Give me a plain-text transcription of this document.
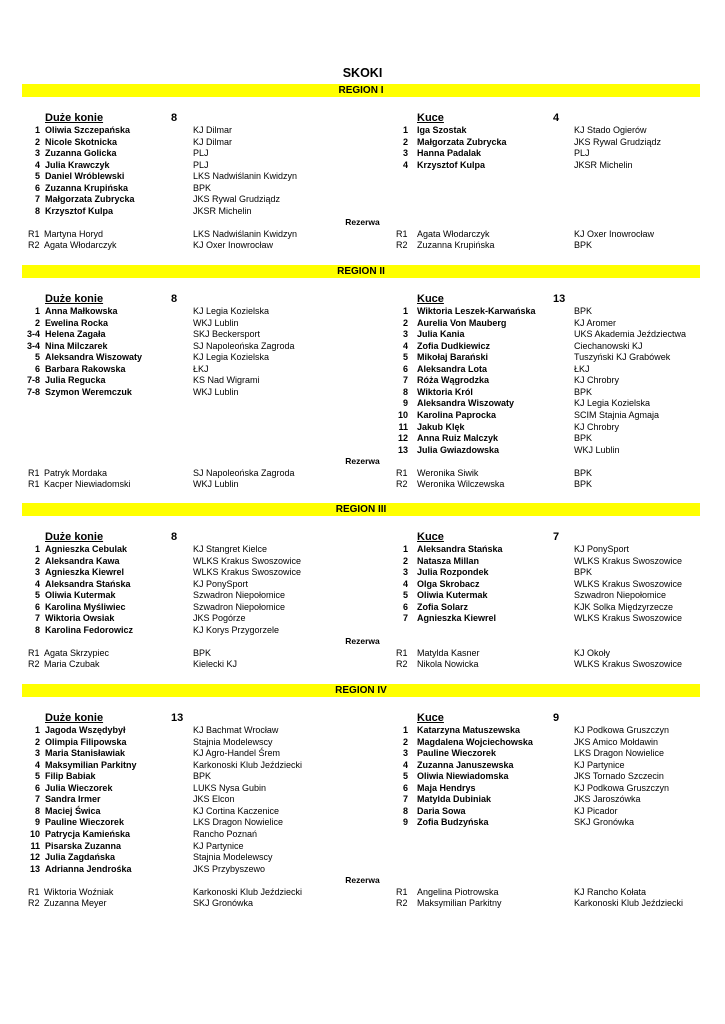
SKOKI
REGION I
Duże konie	8	Kuce	4
1 Oliwia Szczepańska	KJ Dilmar
2 Nicole Skotnicka	KJ Dilmar
3 Zuzanna Golicka	PLJ
4 Julia Krawczyk	PLJ
5 Daniel Wróblewski	LKS Nadwiślanin Kwidzyn
6 Zuzanna Krupińska	BPK
7 Małgorzata Zubrycka	JKS Rywal Grudziądz
8 Krzysztof Kulpa	JKSR Michelin
1 Iga Szostak	KJ Stado Ogierów
2 Małgorzata Zubrycka	JKS Rywal Grudziądz
3 Hanna Padalak	PLJ
4 Krzysztof Kulpa	JKSR Michelin
Rezerwa
R1 Martyna Horyd	LKS Nadwiślanin Kwidzyn
R2 Agata Włodarczyk	KJ Oxer Inowrocław
R1 Agata Włodarczyk	KJ Oxer Inowrocław
R2 Zuzanna Krupińska	BPK
REGION II
Duże konie	8	Kuce	13
1 Anna Małkowska	KJ Legia Kozielska
2 Ewelina Rocka	WKJ Lublin
3-4 Helena Zagała	SKJ Beckersport
3-4 Nina Milczarek	SJ Napoleońska Zagroda
5 Aleksandra Wiszowaty	KJ Legia Kozielska
6 Barbara Rakowska	ŁKJ
7-8 Julia Regucka	KS Nad Wigrami
7-8 Szymon Weremczuk	WKJ Lublin
1 Wiktoria Leszek-Karwańska	BPK
2 Aurelia Von Mauberg	KJ Aromer
3 Julia Kania	UKS Akademia Jeździectwa
4 Zofia Dudkiewicz	Ciechanowski KJ
5 Mikołaj Barański	Tuszyński KJ Grabówek
6 Aleksandra Lota	ŁKJ
7 Róża Wągrodzka	KJ Chrobry
8 Wiktoria Król	BPK
9 Aleksandra Wiszowaty	KJ Legia Kozielska
10 Karolina Paprocka	SCIM Stajnia Agmaja
11 Jakub Klęk	KJ Chrobry
12 Anna Ruiz Malczyk	BPK
13 Julia Gwiazdowska	WKJ Lublin
Rezerwa
R1 Patryk Mordaka	SJ Napoleońska Zagroda
R1 Kacper Niewiadomski	WKJ Lublin
R1 Weronika Siwik	BPK
R2 Weronika Wilczewska	BPK
REGION III
Duże konie	8	Kuce	7
1 Agnieszka Cebulak	KJ Stangret Kielce
2 Aleksandra Kawa	WLKS Krakus Swoszowice
3 Agnieszka Kiewrel	WLKS Krakus Swoszowice
4 Aleksandra Stańska	KJ PonySport
5 Oliwia Kutermak	Szwadron Niepołomice
6 Karolina Myśliwiec	Szwadron Niepołomice
7 Wiktoria Owsiak	JKS Pogórze
8 Karolina Fedorowicz	KJ Korys Przygorzele
1 Aleksandra Stańska	KJ PonySport
2 Natasza Millan	WLKS Krakus Swoszowice
3 Julia Rozpondek	BPK
4 Olga Skrobacz	WLKS Krakus Swoszowice
5 Oliwia Kutermak	Szwadron Niepołomice
6 Zofia Solarz	KJK Solka Międzyrzecze
7 Agnieszka Kiewrel	WLKS Krakus Swoszowice
Rezerwa
R1 Agata Skrzypiec	BPK
R2 Maria Czubak	Kielecki KJ
R1 Matylda Kasner	KJ Okoły
R2 Nikola Nowicka	WLKS Krakus Swoszowice
REGION IV
Duże konie	13	Kuce	9
1 Jagoda Wszędybył	KJ Bachmat Wrocław
2 Olimpia Filipowska	Stajnia Modelewscy
3 Maria Stanisławiak	KJ Agro-Handel Śrem
4 Maksymilian Parkitny	Karkonoski Klub Jeździecki
5 Filip Babiak	BPK
6 Julia Wieczorek	LUKS Nysa Gubin
7 Sandra Irmer	JKS Elcon
8 Maciej Świca	KJ Cortina Kaczenice
9 Pauline Wieczorek	LKS Dragon Nowielice
10 Patrycja Kamieńska	Rancho Poznań
11 Pisarska Zuzanna	KJ Partynice
12 Julia Zagdańska	Stajnia Modelewscy
13 Adrianna Jendrośka	JKS Przybyszewo
1 Katarzyna Matuszewska	KJ Podkowa Gruszczyn
2 Magdalena Wojciechowska	JKS Amico Mołdawin
3 Pauline Wieczorek	LKS Dragon Nowielice
4 Zuzanna Januszewska	KJ Partynice
5 Oliwia Niewiadomska	JKS Tornado Szczecin
6 Maja Hendrys	KJ Podkowa Gruszczyn
7 Matylda Dubiniak	JKS Jaroszówka
8 Daria Sowa	KJ Picador
9 Zofia Budzyńska	SKJ Gronówka
Rezerwa
R1 Wiktoria Woźniak	Karkonoski Klub Jeździecki
R2 Zuzanna Meyer	SKJ Gronówka
R1 Angelina Piotrowska	KJ Rancho Kołata
R2 Maksymilian Parkitny	Karkonoski Klub Jeździecki
